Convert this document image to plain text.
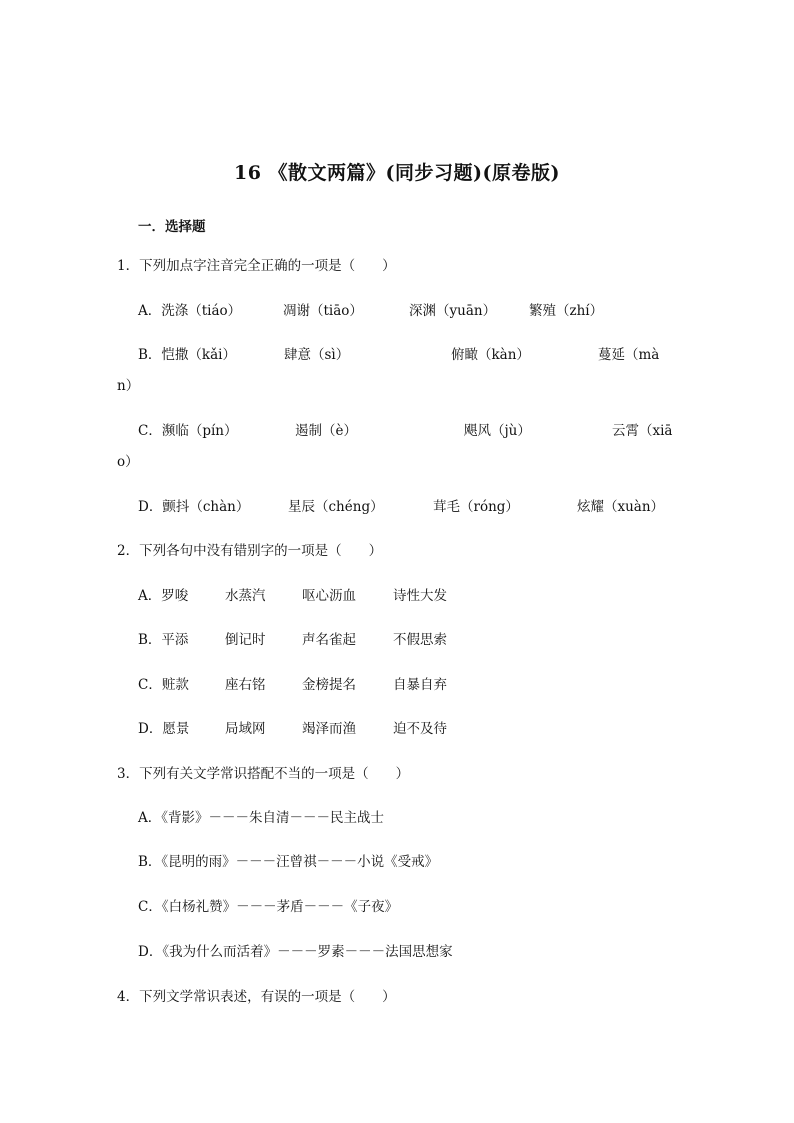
16 《散文两篇》(同步习题)(原卷版)
一．选择题
1．下列加点字注音完全正确的一项是（　　）
A．洗涤（tiáo）	凋谢（tiāo）	深渊（yuān） 繁殖（zhí）
B．恺撒（kǎi）	肆意（sì）	俯瞰（kàn）	蔓延（mà
n）
C．濒临（pín）	遏制（è）	飓风（jù）	云霄（xiā
o）
D．颤抖（chàn）	星辰（chéng）	茸毛（róng）	炫耀（xuàn）
2．下列各句中没有错别字的一项是（　　）
A．罗唆	水蒸汽	呕心沥血	诗性大发
B．平添	倒记时	声名雀起	不假思索
C．赃款	座右铭	金榜提名	自暴自弃
D．愿景	局域网	竭泽而渔	迫不及待
3．下列有关文学常识搭配不当的一项是（　　）
A．《背影》－－－朱自清－－－民主战士
B．《昆明的雨》－－－汪曾祺－－－小说《受戒》
C．《白杨礼赞》－－－茅盾－－－《子夜》
D．《我为什么而活着》－－－罗素－－－法国思想家
4．下列文学常识表述，有误的一项是（　　）
